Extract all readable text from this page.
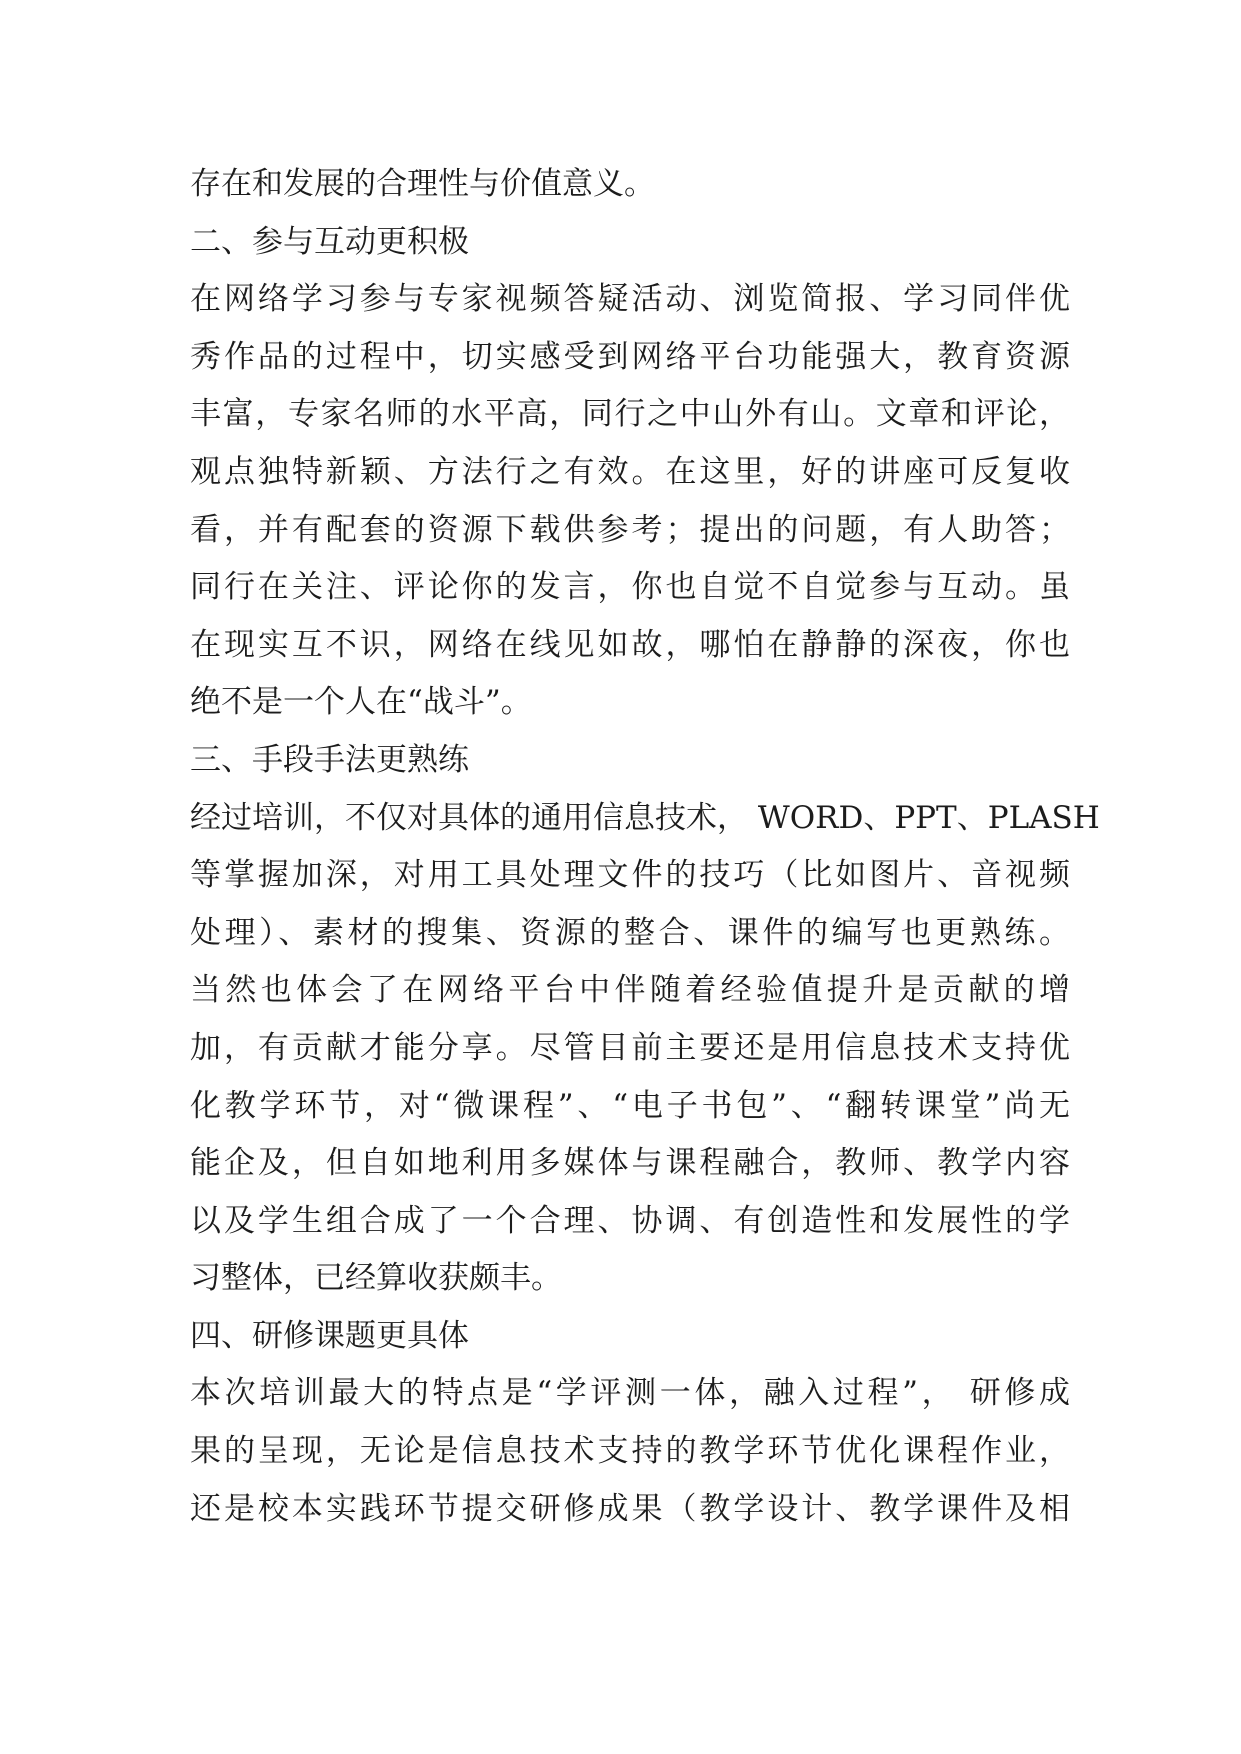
存在和发展的合理性与价值意义。
二、参与互动更积极
在网络学习参与专家视频答疑活动、浏览简报、学习同伴优
秀作品的过程中，切实感受到网络平台功能强大，教育资源
丰富，专家名师的水平高，同行之中山外有山。文章和评论，
观点独特新颖、方法行之有效。在这里，好的讲座可反复收
看，并有配套的资源下载供参考；提出的问题，有人助答；
同行在关注、评论你的发言，你也自觉不自觉参与互动。虽
在现实互不识，网络在线见如故，哪怕在静静的深夜，你也
绝不是一个人在“战斗”。
三、手段手法更熟练
经过培训，不仅对具体的通用信息技术， WORD、PPT、PLASH
等掌握加深，对用工具处理文件的技巧（比如图片、音视频
处理）、素材的搜集、资源的整合、课件的编写也更熟练。
当然也体会了在网络平台中伴随着经验值提升是贡献的增
加，有贡献才能分享。尽管目前主要还是用信息技术支持优
化教学环节，对“微课程”、“电子书包”、“翻转课堂”尚无
能企及，但自如地利用多媒体与课程融合，教师、教学内容
以及学生组合成了一个合理、协调、有创造性和发展性的学
习整体，已经算收获颇丰。
四、研修课题更具体
本次培训最大的特点是“学评测一体，融入过程”， 研修成
果的呈现，无论是信息技术支持的教学环节优化课程作业，
还是校本实践环节提交研修成果（教学设计、教学课件及相
